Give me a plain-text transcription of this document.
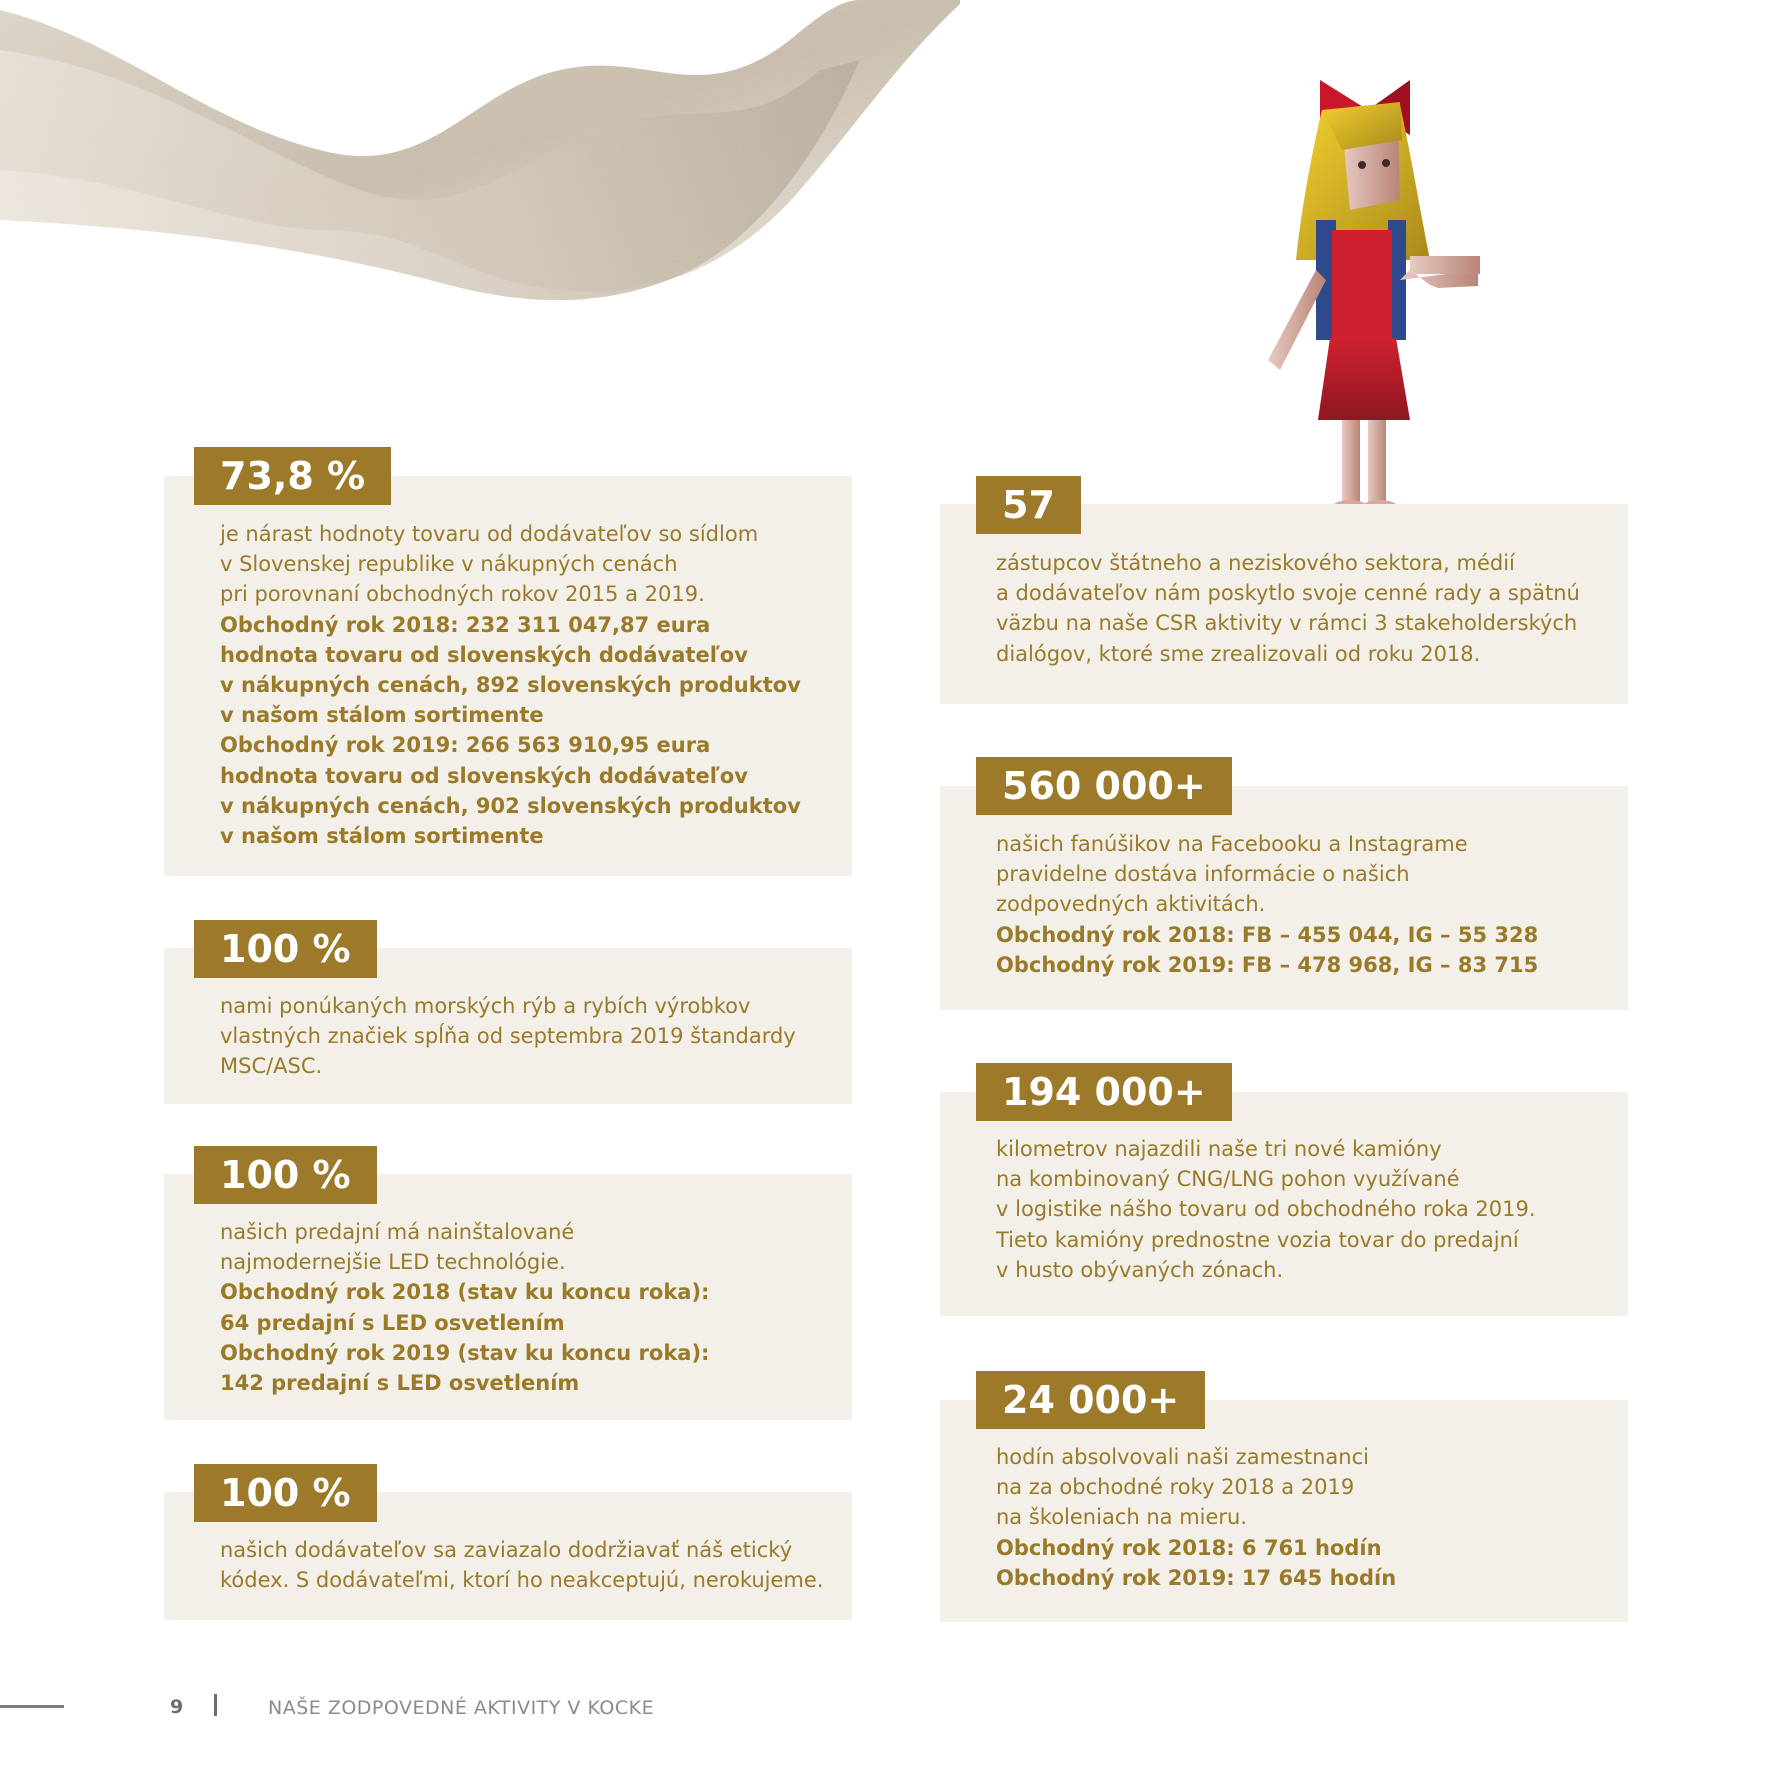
73,8 %
je nárast hodnoty tovaru od dodávateľov so sídlom
v Slovenskej republike v nákupných cenách
pri porovnaní obchodných rokov 2015 a 2019.
Obchodný rok 2018: 232 311 047,87 eura
hodnota tovaru od slovenských dodávateľov
v nákupných cenách, 892 slovenských produktov
v našom stálom sortimente
Obchodný rok 2019: 266 563 910,95 eura
hodnota tovaru od slovenských dodávateľov
v nákupných cenách, 902 slovenských produktov
v našom stálom sortimente
100 %
nami ponúkaných morských rýb a rybích výrobkov
vlastných značiek spĺňa od septembra 2019 štandardy
MSC/ASC.
100 %
našich predajní má nainštalované
najmodernejšie LED technológie.
Obchodný rok 2018 (stav ku koncu roka):
64 predajní s LED osvetlením
Obchodný rok 2019 (stav ku koncu roka):
142 predajní s LED osvetlením
100 %
našich dodávateľov sa zaviazalo dodržiavať náš etický
kódex. S dodávateľmi, ktorí ho neakceptujú, nerokujeme.
57
zástupcov štátneho a neziskového sektora, médií
a dodávateľov nám poskytlo svoje cenné rady a spätnú
väzbu na naše CSR aktivity v rámci 3 stakeholderských
dialógov, ktoré sme zrealizovali od roku 2018.
560 000+
našich fanúšikov na Facebooku a Instagrame
pravidelne dostáva informácie o našich
zodpovedných aktivitách.
Obchodný rok 2018: FB – 455 044, IG – 55 328
Obchodný rok 2019: FB – 478 968, IG – 83 715
194 000+
kilometrov najazdili naše tri nové kamióny
na kombinovaný CNG/LNG pohon využívané
v logistike nášho tovaru od obchodného roka 2019.
Tieto kamióny prednostne vozia tovar do predajní
v husto obývaných zónach.
24 000+
hodín absolvovali naši zamestnanci
na za obchodné roky 2018 a 2019
na školeniach na mieru.
Obchodný rok 2018: 6 761 hodín
Obchodný rok 2019: 17 645 hodín
9	NAŠE ZODPOVEDNÉ AKTIVITY V KOCKE
